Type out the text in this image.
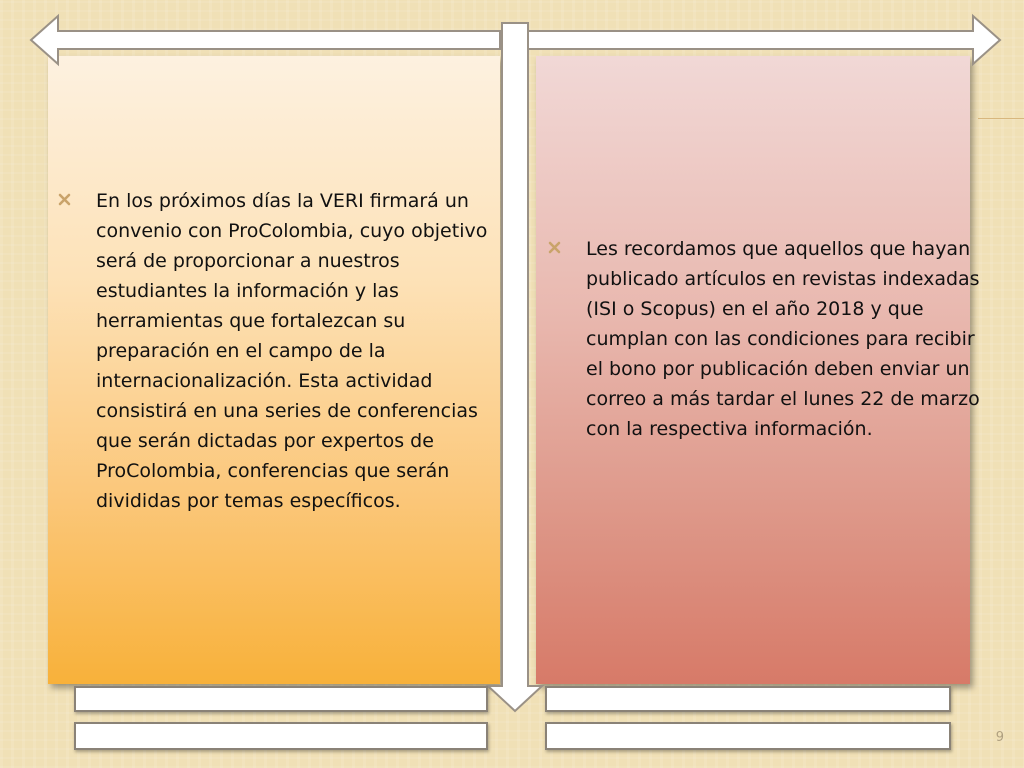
En los próximos días la VERI firmará un convenio con ProColombia, cuyo objetivo será de proporcionar a nuestros estudiantes la información y las herramientas que fortalezcan su preparación en el campo de la internacionalización. Esta actividad consistirá en una series de conferencias que serán dictadas por expertos de ProColombia, conferencias que serán divididas por temas específicos.
Les recordamos que aquellos que hayan publicado artículos en revistas indexadas (ISI o Scopus) en el año 2018 y que cumplan con las condiciones para recibir el bono por publicación deben enviar un correo a más tardar el lunes 22 de marzo con la respectiva información.
9
